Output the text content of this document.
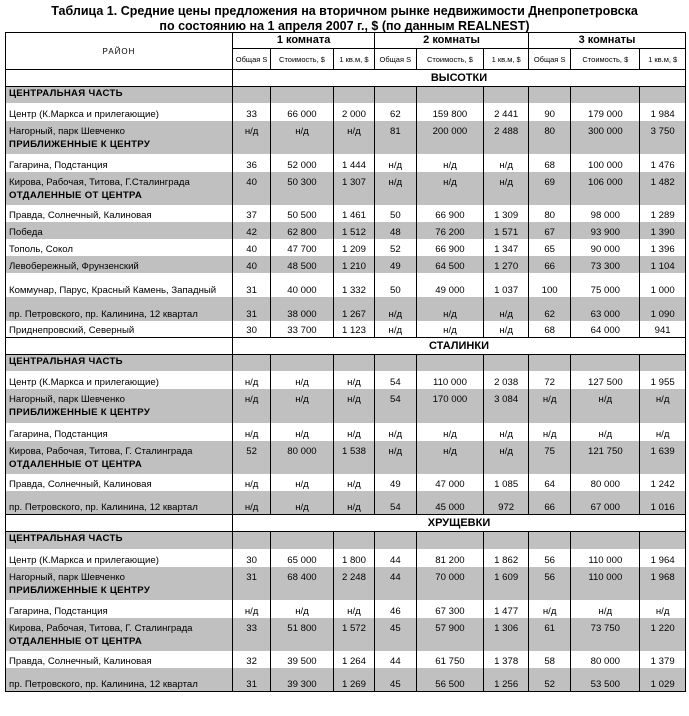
Таблица 1. Средние цены предложения на вторичном рынке недвижимости Днепропетровска
по состоянию на 1 апреля 2007 г., $ (по данным REALNEST)
РАЙОН	1 комната			2 комнаты			3 комнаты		
	Общая S	Стоимость, $	1 кв.м, $	Общая S	Стоимость, $	1 кв.м, $	Общая S	Стоимость, $	1 кв.м, $
	ВЫСОТКИ								
ЦЕНТРАЛЬНАЯ ЧАСТЬ									
Центр (К.Маркса и прилегающие)	33	66 000	2 000	62	159 800	2 441	90	179 000	1 984
Нагорный, парк Шевченко	н/д	н/д	н/д	81	200 000	2 488	80	300 000	3 750
ПРИБЛИЖЕННЫЕ К ЦЕНТРУ									
Гагарина, Подстанция	36	52 000	1 444	н/д	н/д	н/д	68	100 000	1 476
Кирова, Рабочая, Титова, Г.Сталинграда	40	50 300	1 307	н/д	н/д	н/д	69	106 000	1 482
ОТДАЛЕННЫЕ ОТ ЦЕНТРА									
Правда, Солнечный, Калиновая	37	50 500	1 461	50	66 900	1 309	80	98 000	1 289
Победа	42	62 800	1 512	48	76 200	1 571	67	93 900	1 390
Тополь, Сокол	40	47 700	1 209	52	66 900	1 347	65	90 000	1 396
Левобережный, Фрунзенский	40	48 500	1 210	49	64 500	1 270	66	73 300	1 104
Коммунар, Парус, Красный Камень, Западный	31	40 000	1 332	50	49 000	1 037	100	75 000	1 000
пр. Петровского, пр. Калинина, 12 квартал	31	38 000	1 267	н/д	н/д	н/д	62	63 000	1 090
Приднепровский, Северный	30	33 700	1 123	н/д	н/д	н/д	68	64 000	941
	СТАЛИНКИ								
ЦЕНТРАЛЬНАЯ ЧАСТЬ									
Центр (К.Маркса и прилегающие)	н/д	н/д	н/д	54	110 000	2 038	72	127 500	1 955
Нагорный, парк Шевченко	н/д	н/д	н/д	54	170 000	3 084	н/д	н/д	н/д
ПРИБЛИЖЕННЫЕ К ЦЕНТРУ									
Гагарина, Подстанция	н/д	н/д	н/д	н/д	н/д	н/д	н/д	н/д	н/д
Кирова, Рабочая, Титова, Г. Сталинграда	52	80 000	1 538	н/д	н/д	н/д	75	121 750	1 639
ОТДАЛЕННЫЕ ОТ ЦЕНТРА									
Правда, Солнечный, Калиновая	н/д	н/д	н/д	49	47 000	1 085	64	80 000	1 242
пр. Петровского, пр. Калинина, 12 квартал	н/д	н/д	н/д	54	45 000	972	66	67 000	1 016
	ХРУЩЕВКИ								
ЦЕНТРАЛЬНАЯ ЧАСТЬ									
Центр (К.Маркса и прилегающие)	30	65 000	1 800	44	81 200	1 862	56	110 000	1 964
Нагорный, парк Шевченко	31	68 400	2 248	44	70 000	1 609	56	110 000	1 968
ПРИБЛИЖЕННЫЕ К ЦЕНТРУ									
Гагарина, Подстанция	н/д	н/д	н/д	46	67 300	1 477	н/д	н/д	н/д
Кирова, Рабочая, Титова, Г. Сталинграда	33	51 800	1 572	45	57 900	1 306	61	73 750	1 220
ОТДАЛЕННЫЕ ОТ ЦЕНТРА									
Правда, Солнечный, Калиновая	32	39 500	1 264	44	61 750	1 378	58	80 000	1 379
пр. Петровского, пр. Калинина, 12 квартал	31	39 300	1 269	45	56 500	1 256	52	53 500	1 029
